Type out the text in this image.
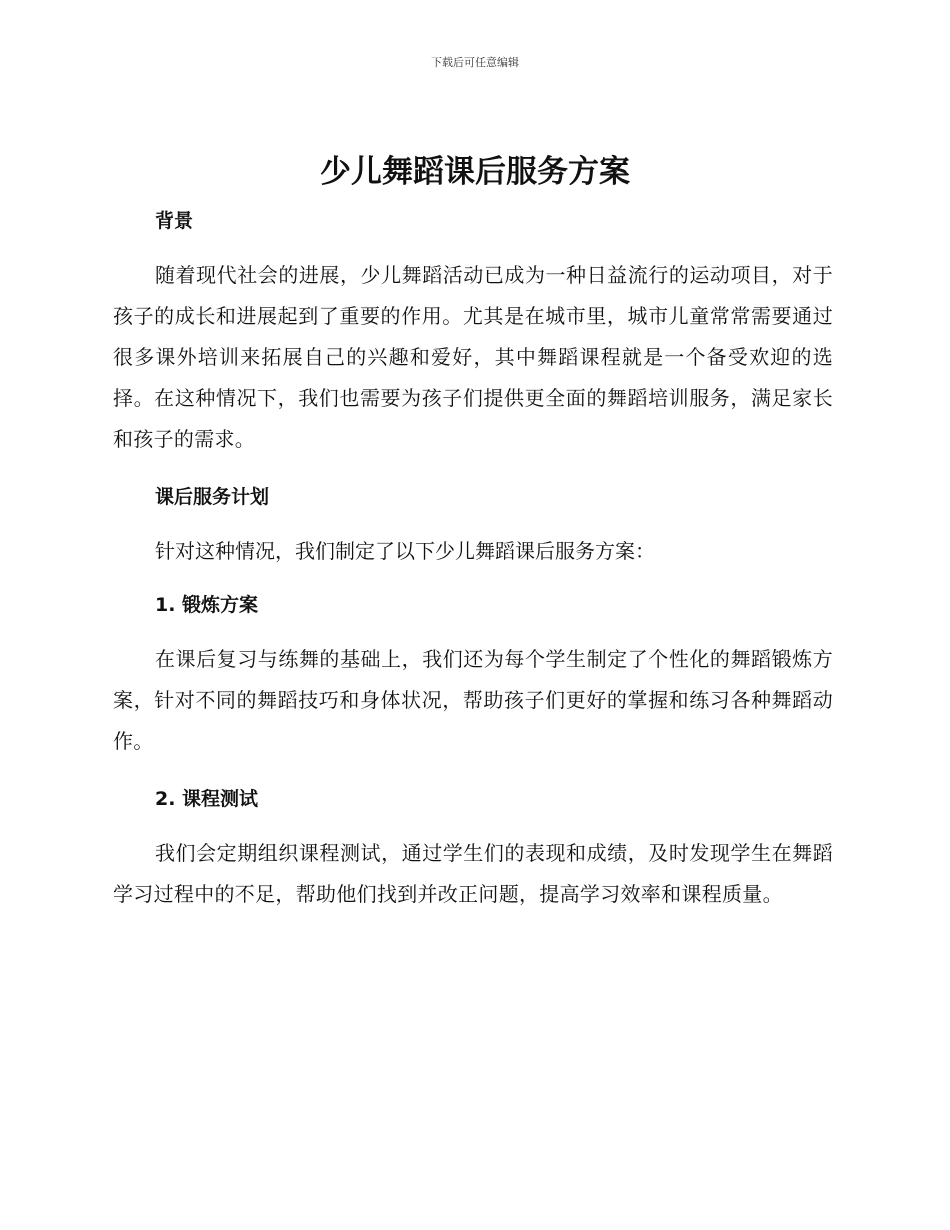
下载后可任意编辑
少儿舞蹈课后服务方案
背景

随着现代社会的进展，少儿舞蹈活动已成为一种日益流行的运动项目，对于孩子的成长和进展起到了重要的作用。尤其是在城市里，城市儿童常常需要通过很多课外培训来拓展自己的兴趣和爱好，其中舞蹈课程就是一个备受欢迎的选择。在这种情况下，我们也需要为孩子们提供更全面的舞蹈培训服务，满足家长和孩子的需求。

课后服务计划

针对这种情况，我们制定了以下少儿舞蹈课后服务方案：

1. 锻炼方案

在课后复习与练舞的基础上，我们还为每个学生制定了个性化的舞蹈锻炼方案，针对不同的舞蹈技巧和身体状况，帮助孩子们更好的掌握和练习各种舞蹈动作。

2. 课程测试

我们会定期组织课程测试，通过学生们的表现和成绩，及时发现学生在舞蹈学习过程中的不足，帮助他们找到并改正问题，提高学习效率和课程质量。
